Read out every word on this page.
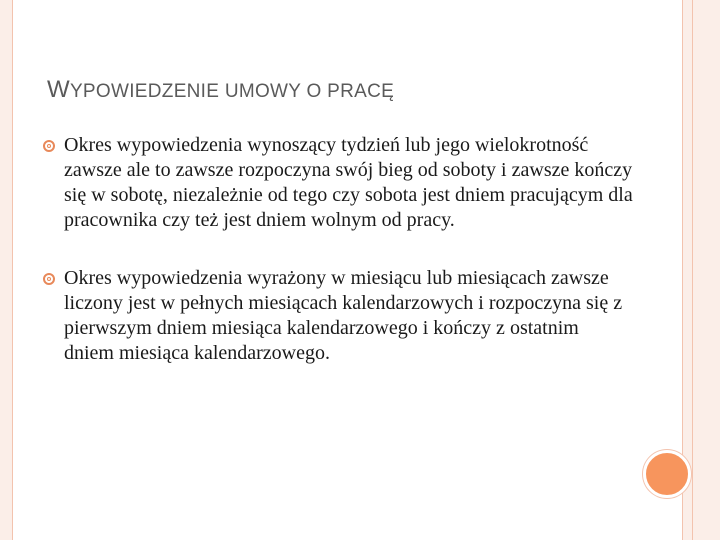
WYPOWIEDZENIE UMOWY O PRACĘ
Okres wypowiedzenia wynoszący tydzień lub jego wielokrotność zawsze ale to zawsze rozpoczyna swój bieg od soboty i zawsze kończy się w sobotę, niezależnie od tego czy sobota jest dniem pracującym dla pracownika czy też jest dniem wolnym od pracy.
Okres wypowiedzenia wyrażony w miesiącu lub miesiącach zawsze liczony jest w pełnych miesiącach kalendarzowych i rozpoczyna się z pierwszym dniem miesiąca kalendarzowego i kończy z ostatnim dniem miesiąca kalendarzowego.
